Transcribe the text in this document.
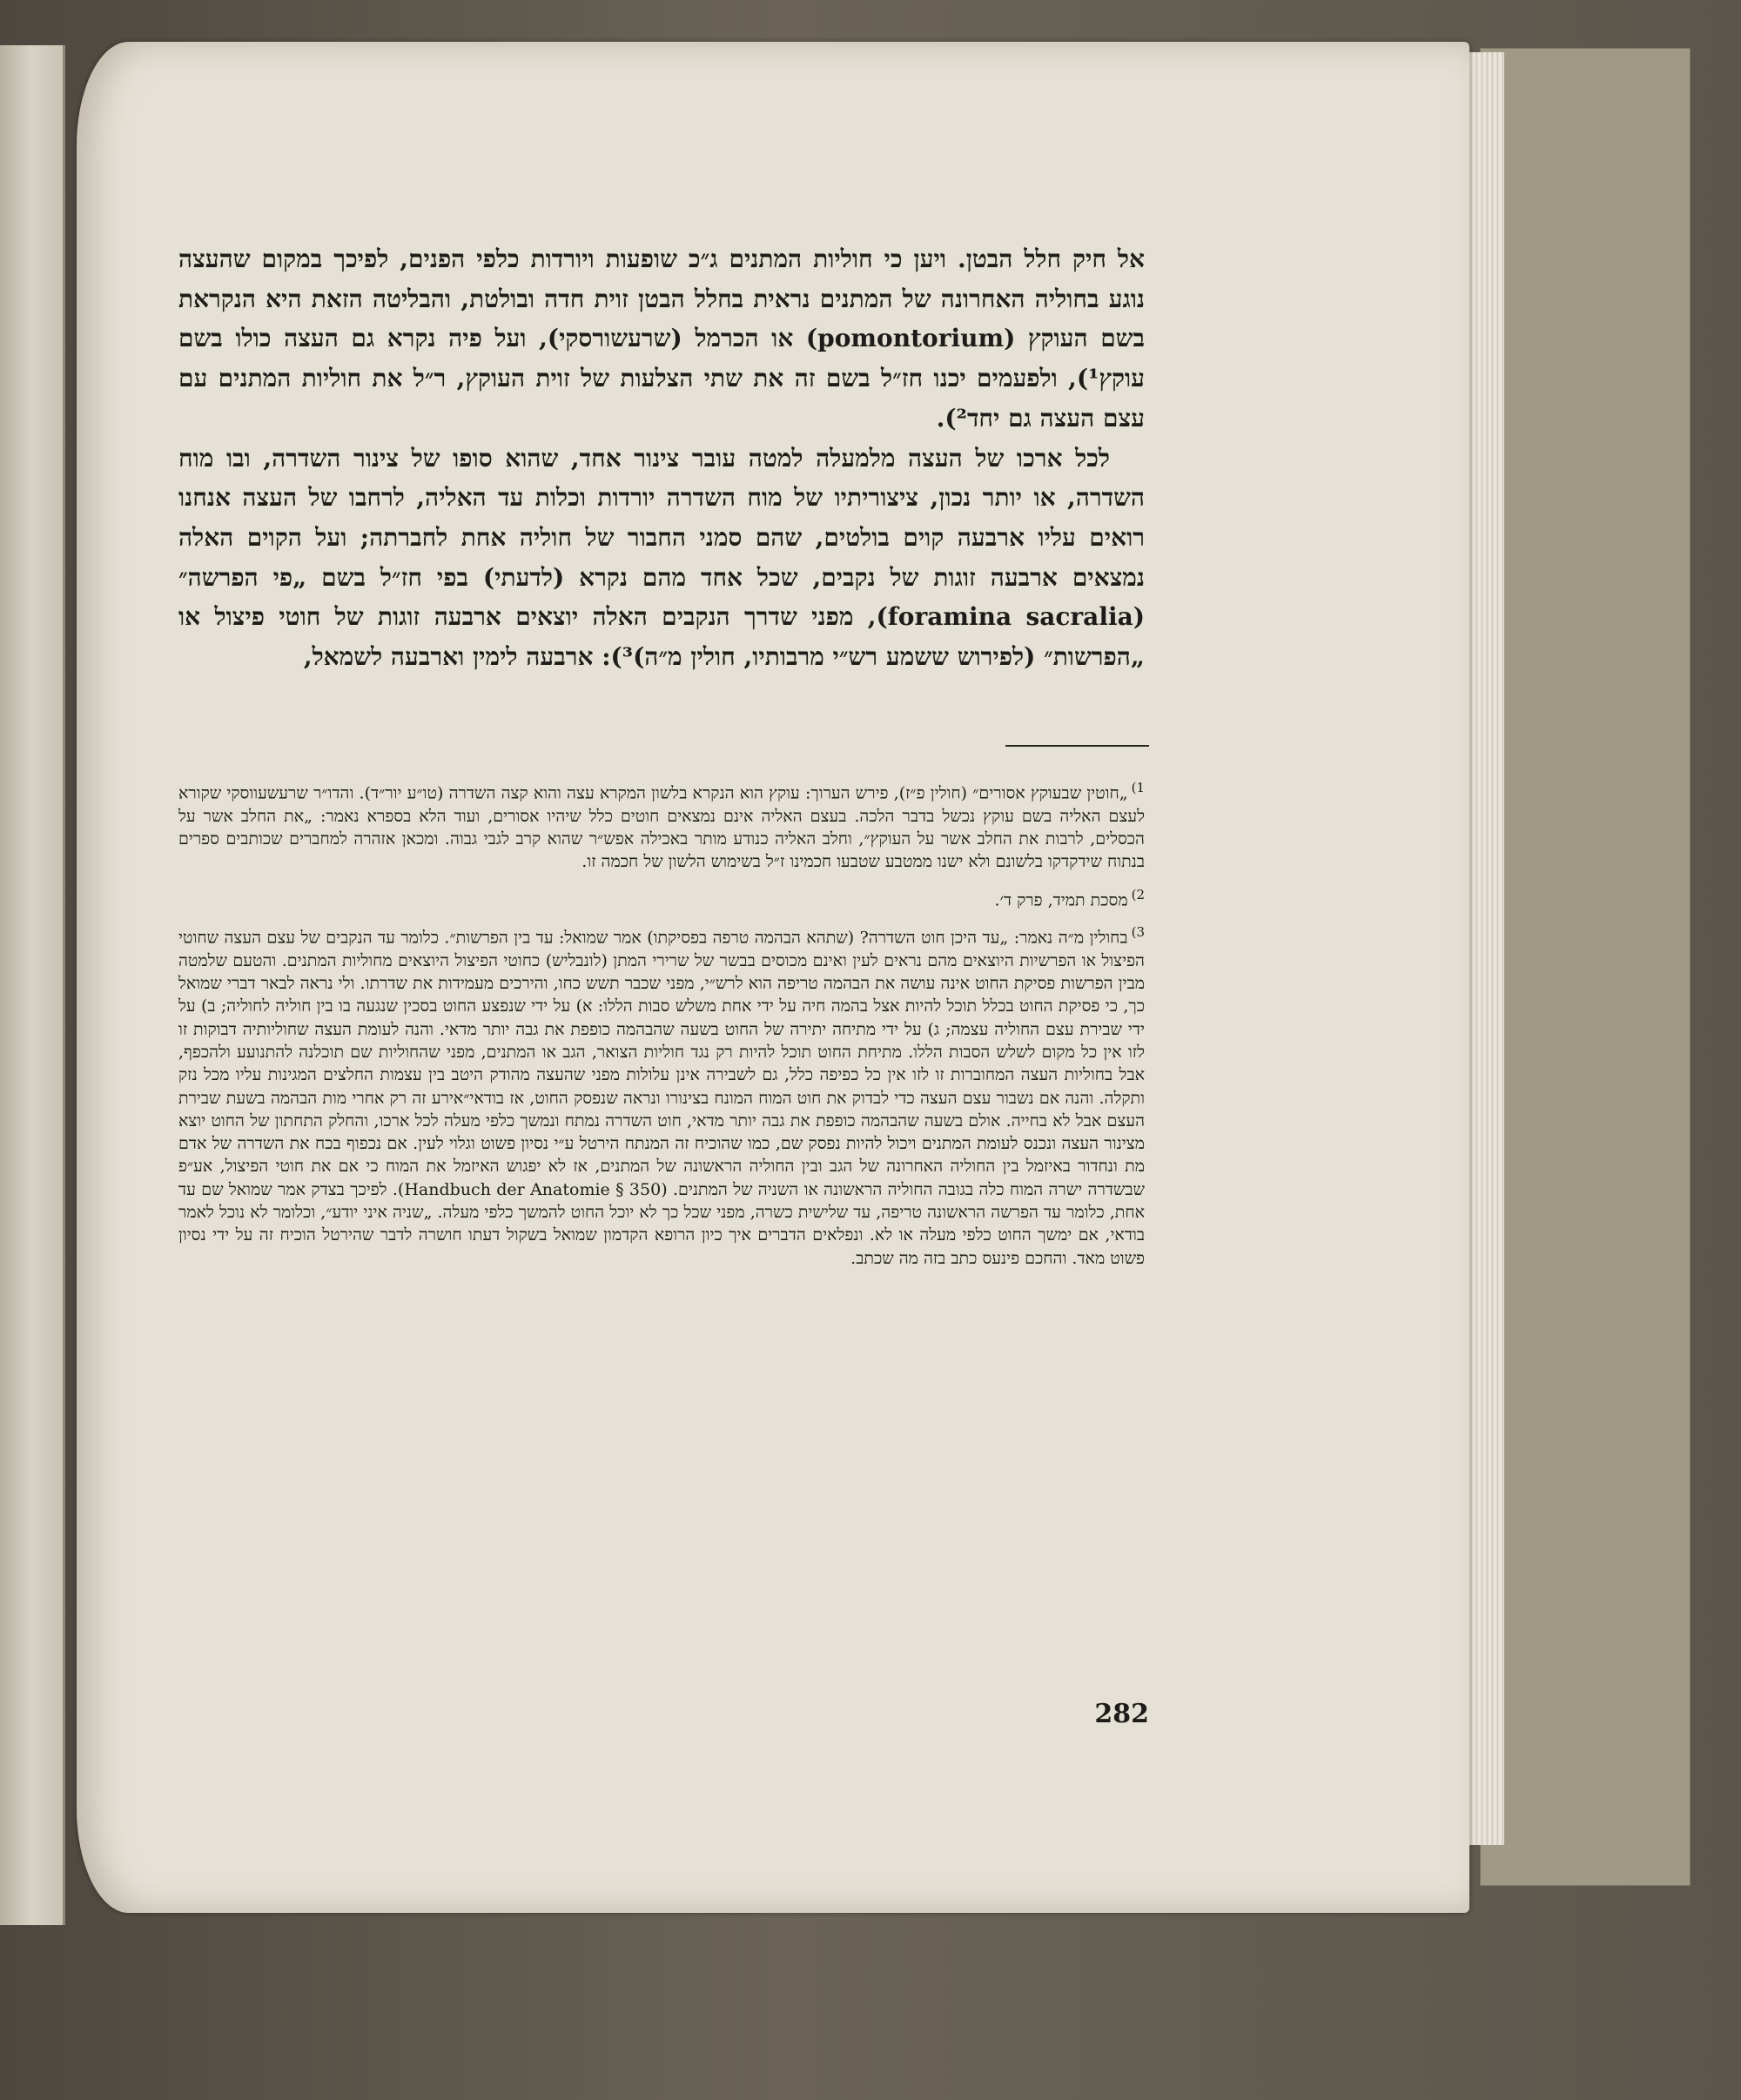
אל חיק חלל הבטן. ויען כי חוליות המתנים ג״כ שופעות ויורדות כלפי הפנים, לפיכך במקום שהעצה נוגע בחוליה האחרונה של המתנים נראית בחלל הבטן זוית חדה ובולטת, והבליטה הזאת היא הנקראת בשם העוקץ (pomontorium) או הכרמל (שרעשורסקי), ועל פיה נקרא גם העצה כולו בשם עוקץ¹), ולפעמים יכנו חז״ל בשם זה את שתי הצלעות של זוית העוקץ, ר״ל את חוליות המתנים עם עצם העצה גם יחד²).

לכל ארכו של העצה מלמעלה למטה עובר צינור אחד, שהוא סופו של צינור השדרה, ובו מוח השדרה, או יותר נכון, ציצוריתיו של מוח השדרה יורדות וכלות עד האליה, לרחבו של העצה אנחנו רואים עליו ארבעה קוים בולטים, שהם סמני החבור של חוליה אחת לחברתה; ועל הקוים האלה נמצאים ארבעה זוגות של נקבים, שכל אחד מהם נקרא (לדעתי) בפי חז״ל בשם „פי הפרשה״ (foramina sacralia), מפני שדרך הנקבים האלה יוצאים ארבעה זוגות של חוטי פיצול או „הפרשות״ (לפירוש ששמע רש״י מרבותיו, חולין מ״ה)³): ארבעה לימין וארבעה לשמאל,

$^{1)}$„חוטין שבעוקץ אסורים״ (חולין פ״ז), פירש הערוך: עוקץ הוא הנקרא בלשון המקרא עצה והוא קצה השדרה (טו״ע יור״ד). והדו״ר שרעשעווסקי שקורא לעצם האליה בשם עוקץ נכשל בדבר הלכה. בעצם האליה אינם נמצאים חוטים כלל שיהיו אסורים, ועוד הלא בספרא נאמר: „את החלב אשר על הכסלים, לרבות את החלב אשר על העוקץ״, וחלב האליה כנודע מותר באכילה אפש״ר שהוא קרב לגבי גבוה. ומכאן אזהרה למחברים שכותבים ספרים בנתוח שידקדקו בלשונם ולא ישנו ממטבע שטבעו חכמינו ז״ל בשימוש הלשון של חכמה זו.

$^{2)}$מסכת תמיד, פרק ד׳.

$^{3)}$בחולין מ״ה נאמר: „עד היכן חוט השדרה? (שתהא הבהמה טרפה בפסיקתו) אמר שמואל: עד בין הפרשות״. כלומר עד הנקבים של עצם העצה שחוטי הפיצול או הפרשיות היוצאים מהם נראים לעין ואינם מכוסים בבשר של שרירי המתן (לונבליש) כחוטי הפיצול היוצאים מחוליות המתנים. והטעם שלמטה מבין הפרשות פסיקת החוט אינה עושה את הבהמה טריפה הוא לרש״י, מפני שכבר תשש כחו, והירכים מעמידות את שדרתו. ולי נראה לבאר דברי שמואל כך, כי פסיקת החוט בכלל תוכל להיות אצל בהמה חיה על ידי אחת משלש סבות הללו: א) על ידי שנפצע החוט בסכין שנגעה בו בין חוליה לחוליה; ב) על ידי שבירת עצם החוליה עצמה; ג) על ידי מתיחה יתירה של החוט בשעה שהבהמה כופפת את גבה יותר מדאי. והנה לעומת העצה שחוליותיה דבוקות זו לזו אין כל מקום לשלש הסבות הללו. מתיחת החוט תוכל להיות רק נגד חוליות הצואר, הגב או המתנים, מפני שהחוליות שם תוכלנה להתנועע ולהכפף, אבל בחוליות העצה המחוברות זו לזו אין כל כפיפה כלל, גם לשבירה אינן עלולות מפני שהעצה מהודק היטב בין עצמות החלצים המגינות עליו מכל נזק ותקלה. והנה אם נשבור עצם העצה כדי לבדוק את חוט המוח המונח בצינורו ונראה שנפסק החוט, אז בודאי״אירע זה רק אחרי מות הבהמה בשעת שבירת העצם אבל לא בחייה. אולם בשעה שהבהמה כופפת את גבה יותר מדאי, חוט השדרה נמתח ונמשך כלפי מעלה לכל ארכו, והחלק התחתון של החוט יוצא מצינור העצה ונכנס לעומת המתנים ויכול להיות נפסק שם, כמו שהוכיח זה המנתח הירטל ע״י נסיון פשוט וגלוי לעין. אם נכפוף בכח את השדרה של אדם מת ונחדור באיזמל בין החוליה האחרונה של הגב ובין החוליה הראשונה של המתנים, אז לא יפגוש האיזמל את המוח כי אם את חוטי הפיצול, אע״פ שבשדרה ישרה המוח כלה בגובה החוליה הראשונה או השניה של המתנים. (Handbuch der Anatomie § 350). לפיכך בצדק אמר שמואל שם עד אחת, כלומר עד הפרשה הראשונה טריפה, עד שלישית כשרה, מפני שכל כך לא יוכל החוט להמשך כלפי מעלה. „שניה איני יודע״, וכלומר לא נוכל לאמר בודאי, אם ימשך החוט כלפי מעלה או לא. ונפלאים הדברים איך כיון הרופא הקדמון שמואל בשקול דעתו חושרה לדבר שהירטל הוכיח זה על ידי נסיון פשוט מאד. והחכם פינעס כתב בזה מה שכתב.

282
